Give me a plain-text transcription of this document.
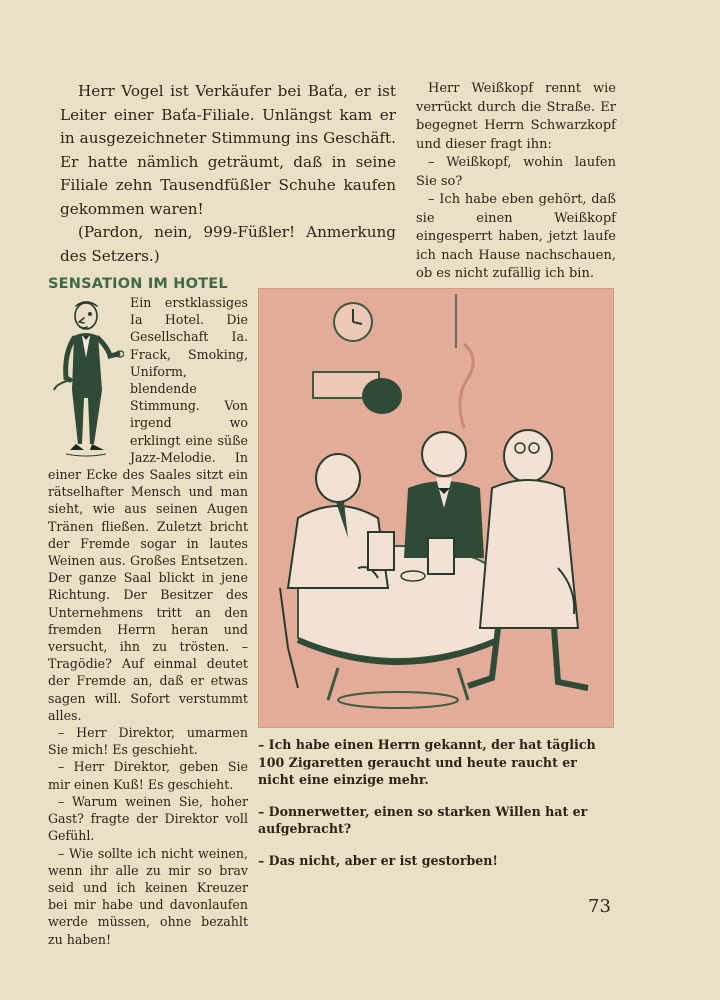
Herr Vogel ist Verkäufer bei Baťa, er ist Leiter einer Baťa-Filiale. Unlängst kam er in ausgezeichneter Stimmung ins Geschäft. Er hatte nämlich geträumt, daß in seine Filiale zehn Tausendfüßler Schuhe kaufen gekommen waren!

(Pardon, nein, 999-Füßler! Anmerkung des Setzers.)

Herr Weißkopf rennt wie verrückt durch die Straße. Er begegnet Herrn Schwarzkopf und dieser fragt ihn:

– Weißkopf, wohin laufen Sie so?

– Ich habe eben gehört, daß sie einen Weißkopf eingesperrt haben, jetzt laufe ich nach Hause nachschauen, ob es nicht zufällig ich bin.

SENSATION IM HOTEL

Ein erstklassiges Ia Hotel. Die Gesellschaft Ia. Frack, Smoking, Uniform, blendende Stimmung. Von irgend wo erklingt eine süße Jazz-Melodie. In einer Ecke des Saales sitzt ein rätselhafter Mensch und man sieht, wie aus seinen Augen Tränen fließen. Zuletzt bricht der Fremde sogar in lautes Weinen aus. Großes Entsetzen. Der ganze Saal blickt in jene Richtung. Der Besitzer des Unternehmens tritt an den fremden Herrn heran und versucht, ihn zu trösten. – Tragödie? Auf einmal deutet der Fremde an, daß er etwas sagen will. Sofort verstummt alles.

– Herr Direktor, umarmen Sie mich! Es geschieht.

– Herr Direktor, geben Sie mir einen Kuß! Es geschieht.

– Warum weinen Sie, hoher Gast? fragte der Direktor voll Gefühl.

– Wie sollte ich nicht weinen, wenn ihr alle zu mir so brav seid und ich keinen Kreuzer bei mir habe und davonlaufen werde müssen, ohne bezahlt zu haben!

– Ich habe einen Herrn gekannt, der hat täglich 100 Zigaretten geraucht und heute raucht er nicht eine einzige mehr.

– Donnerwetter, einen so starken Willen hat er aufgebracht?

– Das nicht, aber er ist gestorben!

73
